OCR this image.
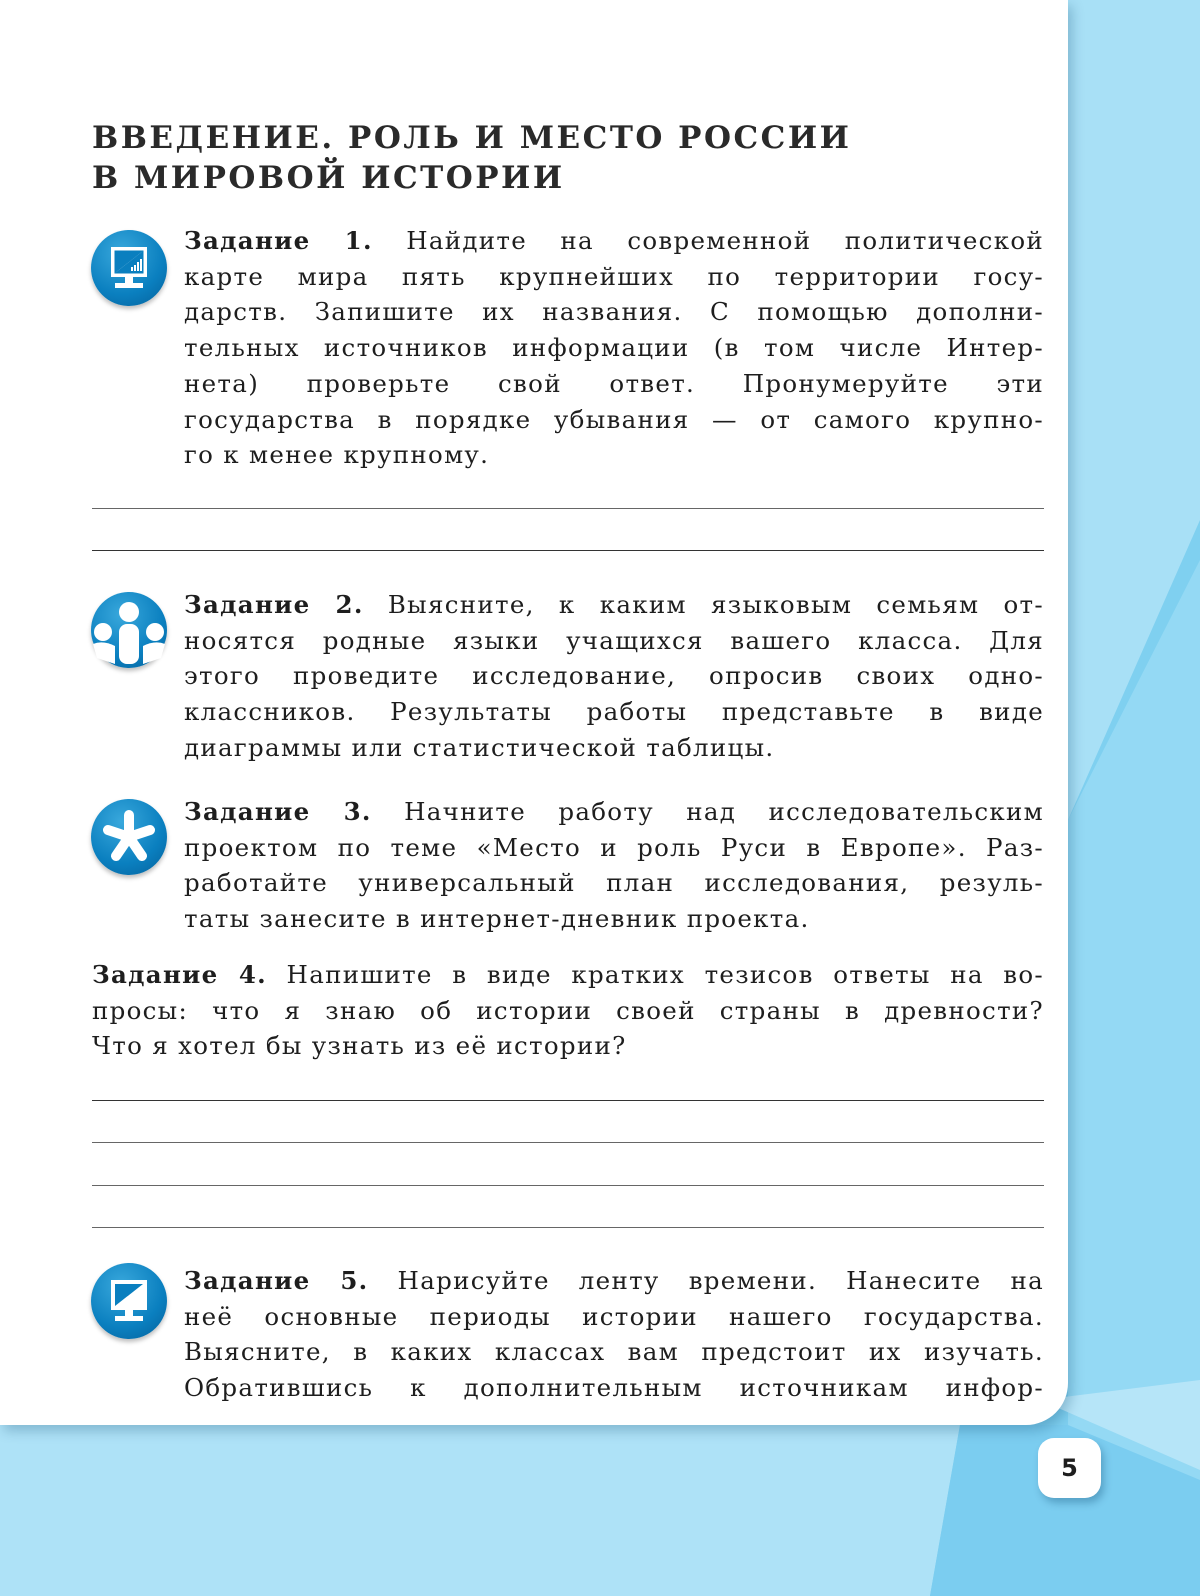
ВВЕДЕНИЕ. РОЛЬ И МЕСТО РОССИИ
В МИРОВОЙ ИСТОРИИ
Задание 1. Найдите на современной политической
карте мира пять крупнейших по территории госу-
дарств. Запишите их названия. С помощью дополни-
тельных источников информации (в том числе Интер-
нета) проверьте свой ответ. Пронумеруйте эти
государства в порядке убывания — от самого крупно-
го к менее крупному.
Задание 2. Выясните, к каким языковым семьям от-
носятся родные языки учащихся вашего класса. Для
этого проведите исследование, опросив своих одно-
классников. Результаты работы представьте в виде
диаграммы или статистической таблицы.
Задание 3. Начните работу над исследовательским
проектом по теме «Место и роль Руси в Европе». Раз-
работайте универсальный план исследования, резуль-
таты занесите в интернет-дневник проекта.
Задание 4. Напишите в виде кратких тезисов ответы на во-
просы: что я знаю об истории своей страны в древности?
Что я хотел бы узнать из её истории?
Задание 5. Нарисуйте ленту времени. Нанесите на
неё основные периоды истории нашего государства.
Выясните, в каких классах вам предстоит их изучать.
Обратившись к дополнительным источникам инфор-
5
